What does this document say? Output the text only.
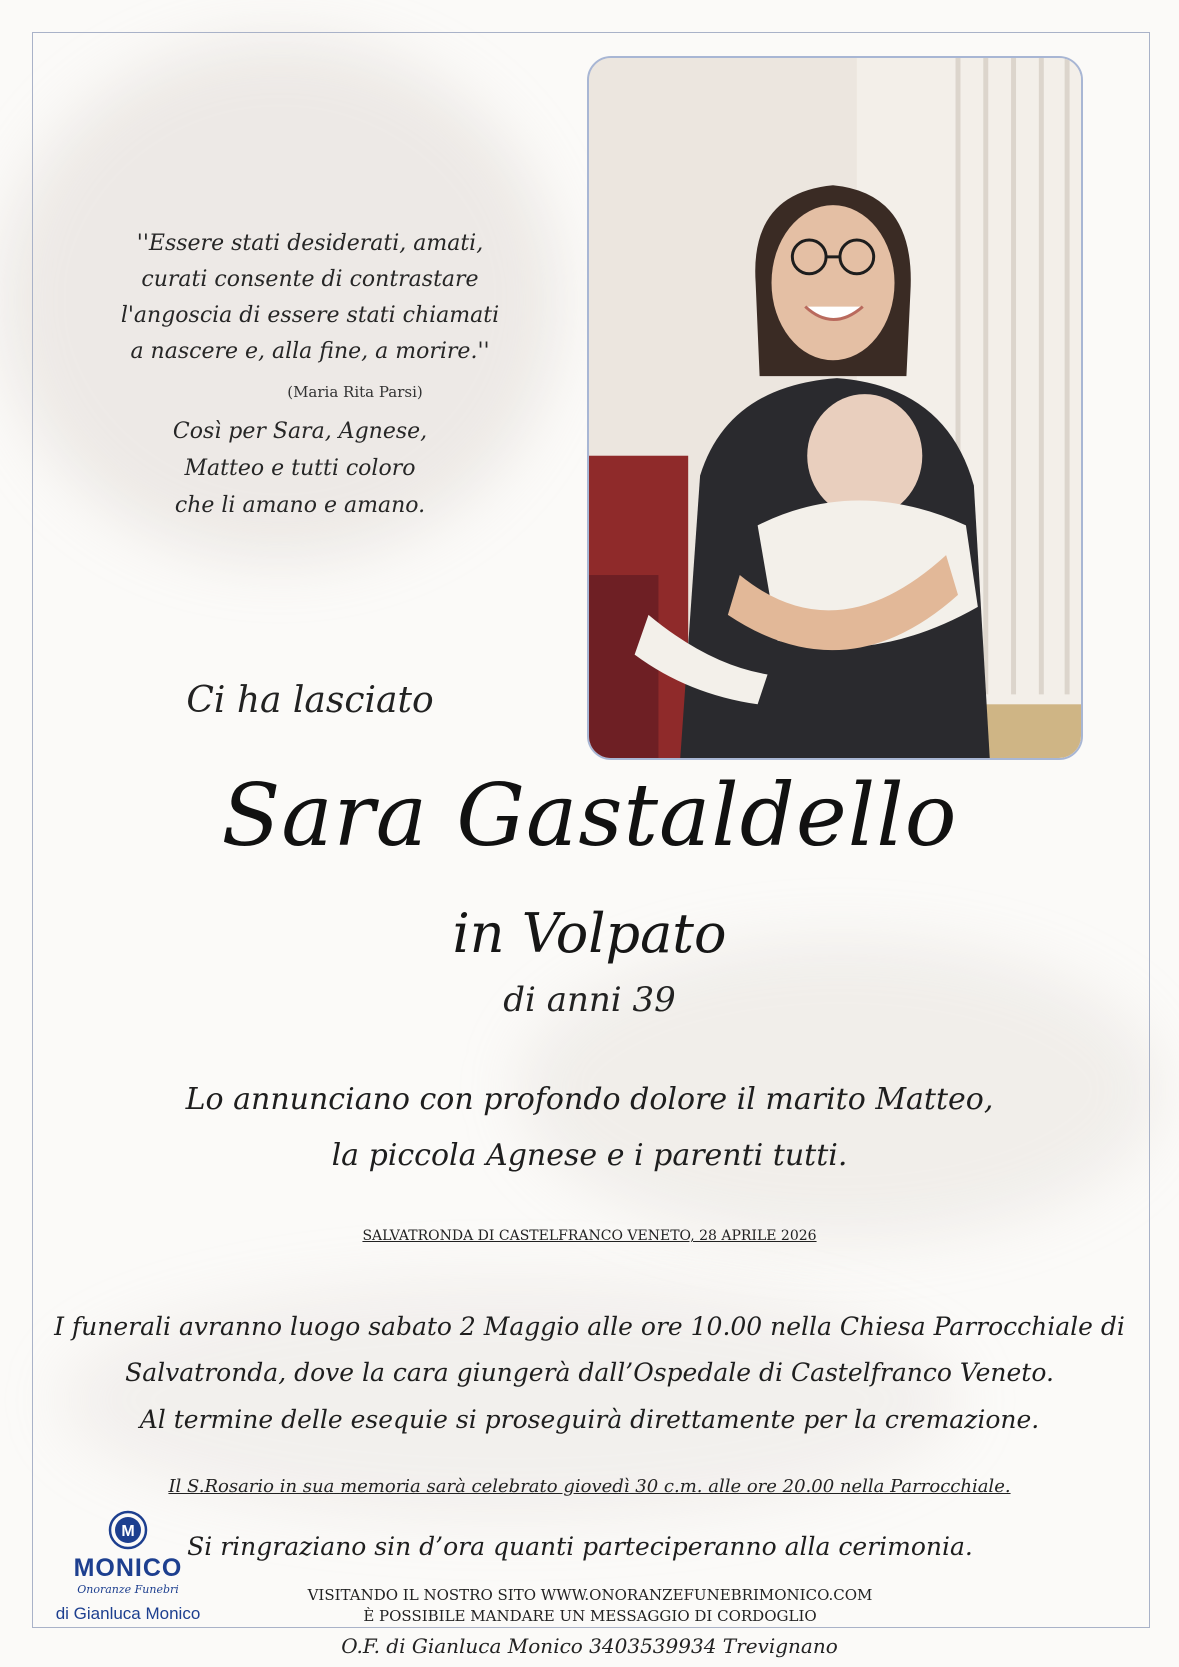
''Essere stati desiderati, amati,
curati consente di contrastare
l'angoscia di essere stati chiamati
a nascere e, alla fine, a morire.''
(Maria Rita Parsi)
Così per Sara, Agnese,
Matteo e tutti coloro
che li amano e amano.
Ci ha lasciato
Sara Gastaldello
in Volpato
di anni 39
Lo annunciano con profondo dolore il marito Matteo,
la piccola Agnese e i parenti tutti.
SALVATRONDA DI CASTELFRANCO VENETO, 28 APRILE 2026
I funerali avranno luogo sabato 2 Maggio alle ore 10.00 nella Chiesa Parrocchiale di
Salvatronda, dove la cara giungerà dall’Ospedale di Castelfranco Veneto.
Al termine delle esequie si proseguirà direttamente per la cremazione.
Il S.Rosario in sua memoria sarà celebrato giovedì 30 c.m. alle ore 20.00 nella Parrocchiale.
Si ringraziano sin d’ora quanti parteciperanno alla cerimonia.
M
MONICO
Onoranze Funebri
di Gianluca Monico
VISITANDO IL NOSTRO SITO WWW.ONORANZEFUNEBRIMONICO.COM
È POSSIBILE MANDARE UN MESSAGGIO DI CORDOGLIO
O.F. di Gianluca Monico 3403539934 Trevignano
